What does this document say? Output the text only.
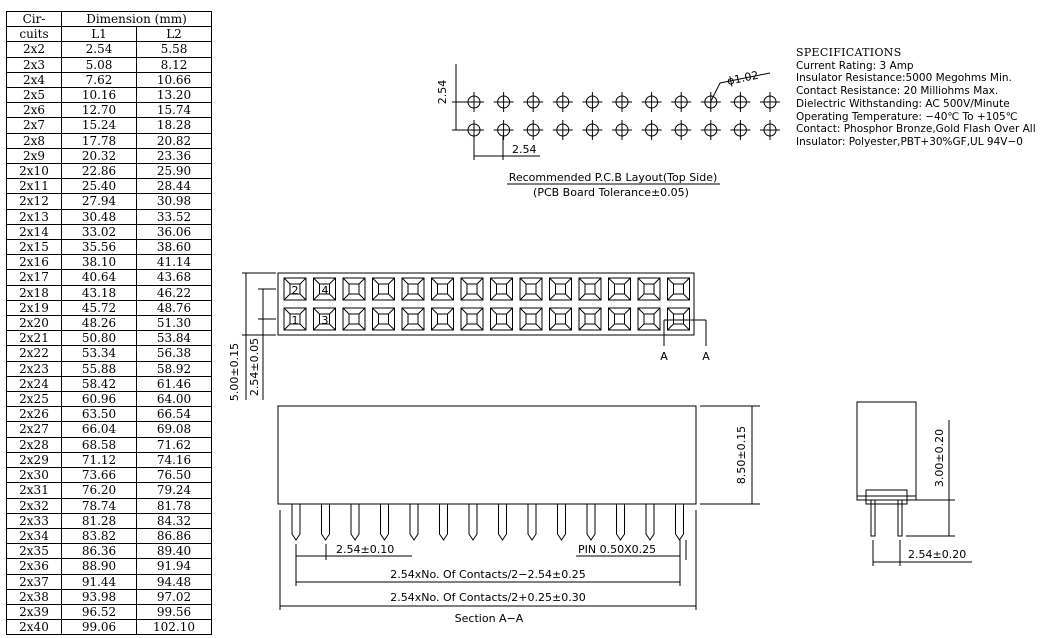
Cir-	Dimension (mm)	
cuits	L1	L2
2x2	2.54	5.58
2x3	5.08	8.12
2x4	7.62	10.66
2x5	10.16	13.20
2x6	12.70	15.74
2x7	15.24	18.28
2x8	17.78	20.82
2x9	20.32	23.36
2x10	22.86	25.90
2x11	25.40	28.44
2x12	27.94	30.98
2x13	30.48	33.52
2x14	33.02	36.06
2x15	35.56	38.60
2x16	38.10	41.14
2x17	40.64	43.68
2x18	43.18	46.22
2x19	45.72	48.76
2x20	48.26	51.30
2x21	50.80	53.84
2x22	53.34	56.38
2x23	55.88	58.92
2x24	58.42	61.46
2x25	60.96	64.00
2x26	63.50	66.54
2x27	66.04	69.08
2x28	68.58	71.62
2x29	71.12	74.16
2x30	73.66	76.50
2x31	76.20	79.24
2x32	78.74	81.78
2x33	81.28	84.32
2x34	83.82	86.86
2x35	86.36	89.40
2x36	88.90	91.94
2x37	91.44	94.48
2x38	93.98	97.02
2x39	96.52	99.56
2x40	99.06	102.10
SPECIFICATIONS
Current Rating: 3 Amp
Insulator Resistance:5000 Megohms Min.
Contact Resistance: 20 Milliohms Max.
Dielectric Withstanding: AC 500V/Minute
Operating Temperature: −40℃ To +105℃
Contact: Phosphor Bronze,Gold Flash Over All
Insulator: Polyester,PBT+30%GF,UL 94V−0
2.54
ϕ1.02
2.54
Recommended P.C.B Layout(Top Side)
(PCB Board Tolerance±0.05)
2 4
1 3
A	A
5.00±0.15 2.54±0.05
8.50±0.15
2.54±0.10	PIN 0.50X0.25
2.54xNo. Of Contacts/2−2.54±0.25
2.54xNo. Of Contacts/2+0.25±0.30
Section A−A
3.00±0.20
2.54±0.20
